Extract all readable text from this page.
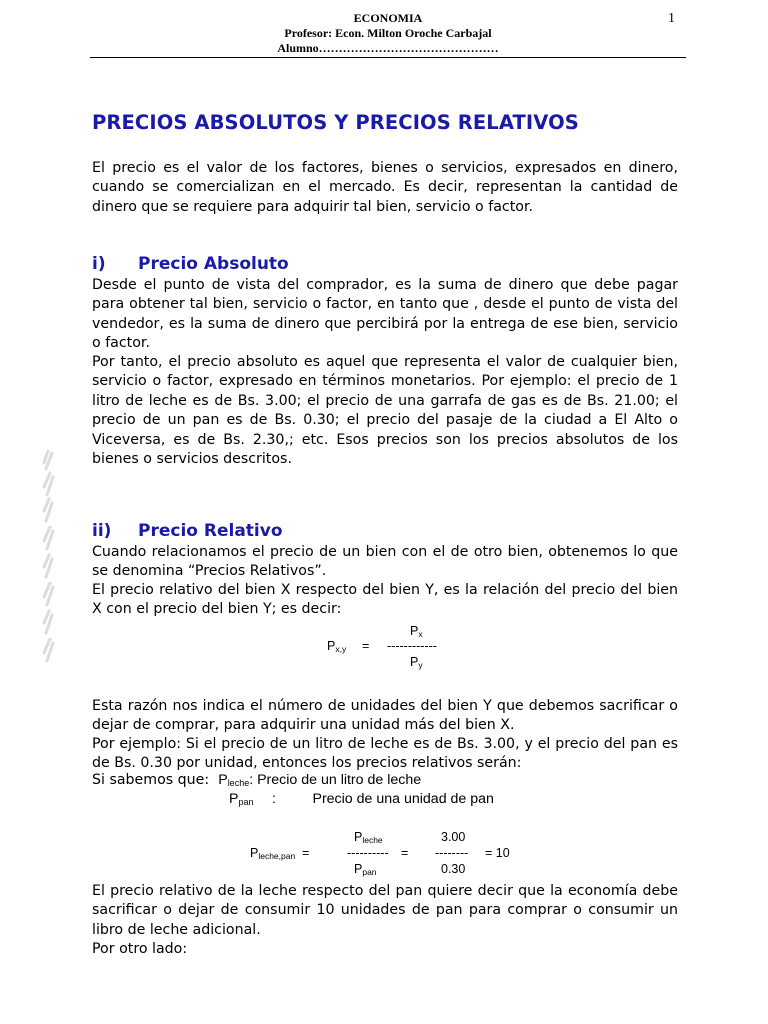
ECONOMIA
Profesor: Econ. Milton Oroche Carbajal
Alumno………………………………………
1
PRECIOS ABSOLUTOS Y PRECIOS RELATIVOS

El precio es el valor de los factores, bienes o servicios, expresados en dinero, cuando se comercializan en el mercado. Es decir, representan la cantidad de dinero que se requiere para adquirir tal bien, servicio o factor.

i) Precio Absoluto

Desde el punto de vista del comprador, es la suma de dinero que debe pagar para obtener tal bien, servicio o factor, en tanto que , desde el punto de vista del vendedor, es la suma de dinero que percibirá por la entrega de ese bien, servicio o factor.

Por tanto, el precio absoluto es aquel que representa el valor de cualquier bien, servicio o factor, expresado en términos monetarios. Por ejemplo: el precio de 1 litro de leche es de Bs. 3.00; el precio de una garrafa de gas es de Bs. 21.00; el precio de un pan es de Bs. 0.30; el precio del pasaje de la ciudad a El Alto o Viceversa, es de Bs. 2.30,; etc. Esos precios son los precios absolutos de los bienes o servicios descritos.

ii) Precio Relativo

Cuando relacionamos el precio de un bien con el de otro bien, obtenemos lo que se denomina “Precios Relativos”.

El precio relativo del bien X respecto del bien Y, es la relación del precio del bien X con el precio del bien Y; es decir:

$P_{x,y}$ =
$P_x$
------------
$P_y$

Esta razón nos indica el número de unidades del bien Y que debemos sacrificar o dejar de comprar, para adquirir una unidad más del bien X.

Por ejemplo: Si el precio de un litro de leche es de Bs. 3.00, y el precio del pan es de Bs. 0.30 por unidad, entonces los precios relativos serán:

Si sabemos que: $P_{leche}$: Precio de un litro de leche
$P_{pan}$ :	Precio de una unidad de pan
$P_{leche,pan}$ =
$P_{leche}$
----------
$P_{pan}$
=
3.00
--------
0.30
= 10

El precio relativo de la leche respecto del pan quiere decir que la economía debe sacrificar o dejar de consumir 10 unidades de pan para comprar o consumir un libro de leche adicional.

Por otro lado:
